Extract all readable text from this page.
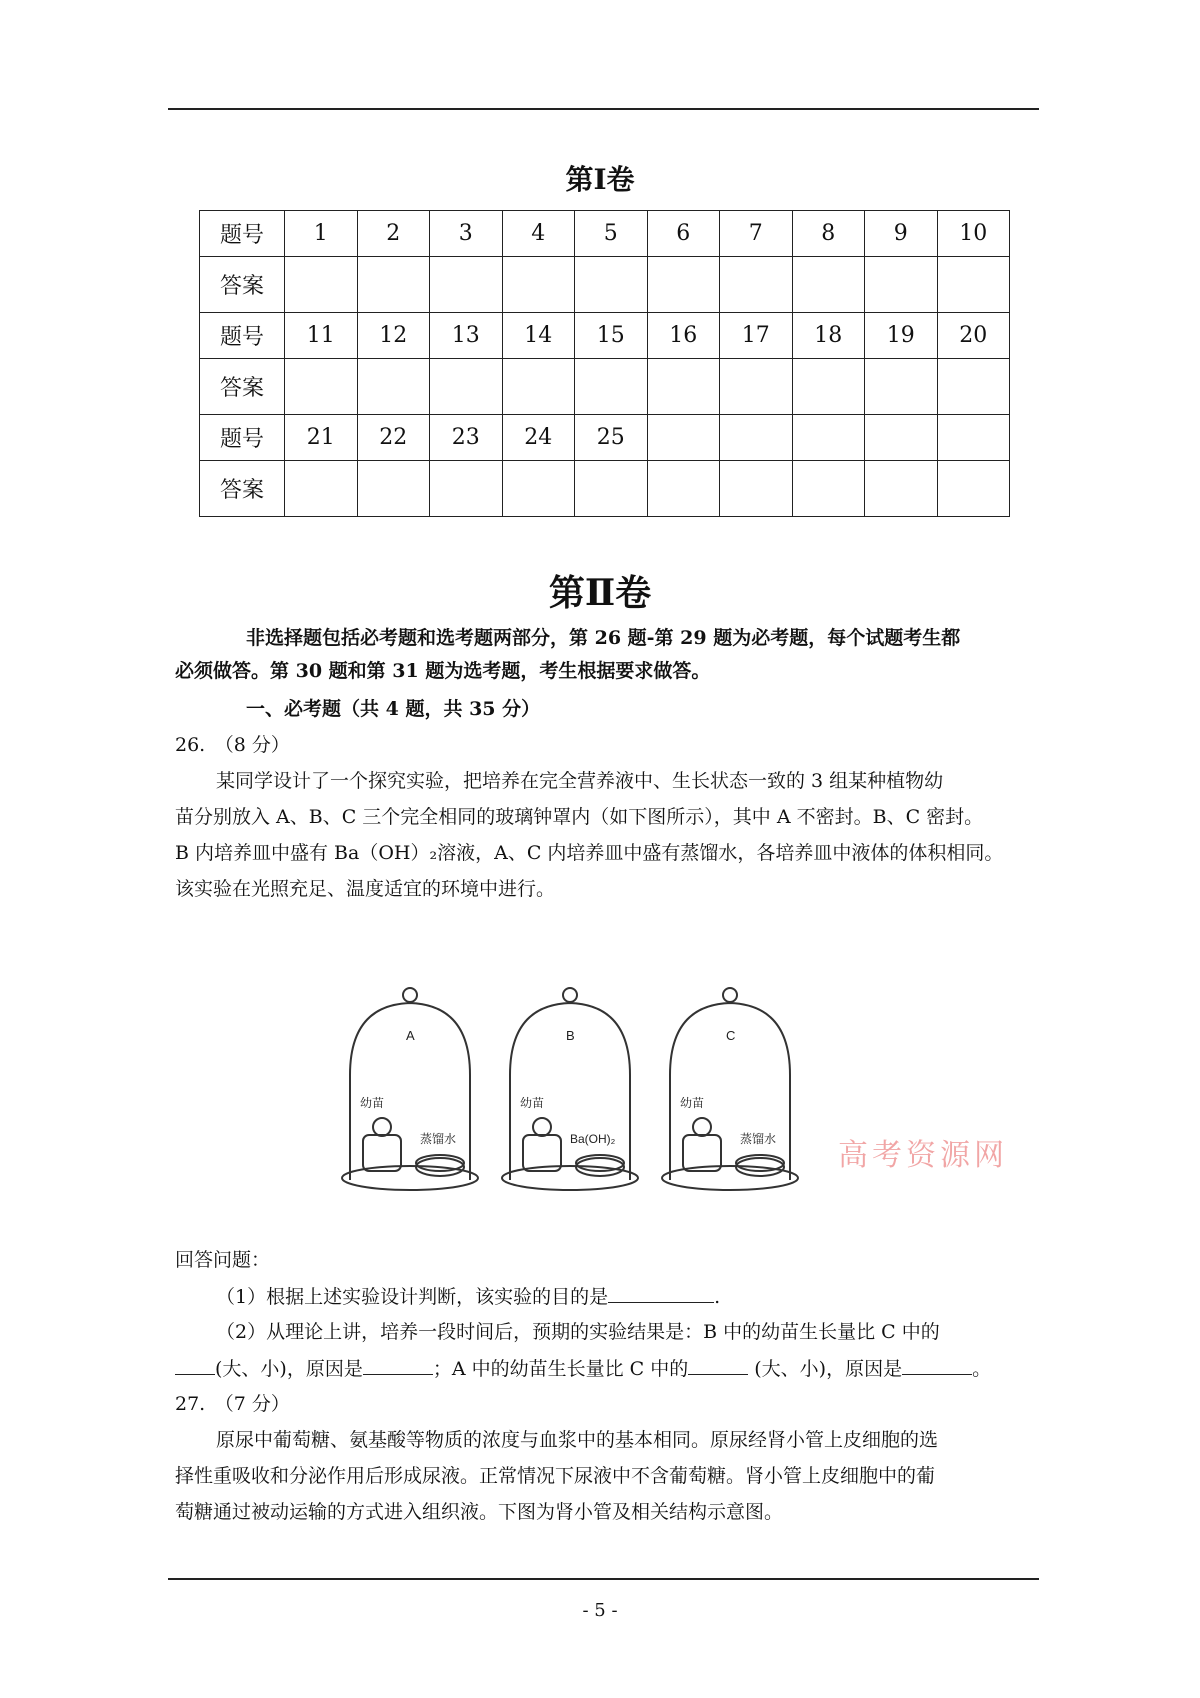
第Ⅰ卷
题号	1	2	3	4	5	6	7	8	9	10
答案										
题号	11	12	13	14	15	16	17	18	19	20
答案										
题号	21	22	23	24	25					
答案										
第Ⅱ卷
非选择题包括必考题和选考题两部分，第 26 题-第 29 题为必考题，每个试题考生都
必须做答。第 30 题和第 31 题为选考题，考生根据要求做答。
一、必考题（共 4 题，共 35 分）
26.　（8 分）
某同学设计了一个探究实验，把培养在完全营养液中、生长状态一致的 3 组某种植物幼
苗分别放入 A、B、C 三个完全相同的玻璃钟罩内（如下图所示），其中 A 不密封。B、C 密封。
B 内培养皿中盛有 Ba（OH）₂溶液，A、C 内培养皿中盛有蒸馏水，各培养皿中液体的体积相同。
该实验在光照充足、温度适宜的环境中进行。
A	B	C
幼苗	幼苗	幼苗
蒸馏水	Ba(OH)₂	蒸馏水 高考资源网
回答问题：
（1）根据上述实验设计判断，该实验的目的是	.
（2）从理论上讲，培养一段时间后，预期的实验结果是：B 中的幼苗生长量比 C 中的
(大、小)，原因是	；A 中的幼苗生长量比 C 中的	(大、小)，原因是	。
27.　（7 分）
原尿中葡萄糖、氨基酸等物质的浓度与血浆中的基本相同。原尿经肾小管上皮细胞的选
择性重吸收和分泌作用后形成尿液。正常情况下尿液中不含葡萄糖。肾小管上皮细胞中的葡
萄糖通过被动运输的方式进入组织液。下图为肾小管及相关结构示意图。
- 5 -
